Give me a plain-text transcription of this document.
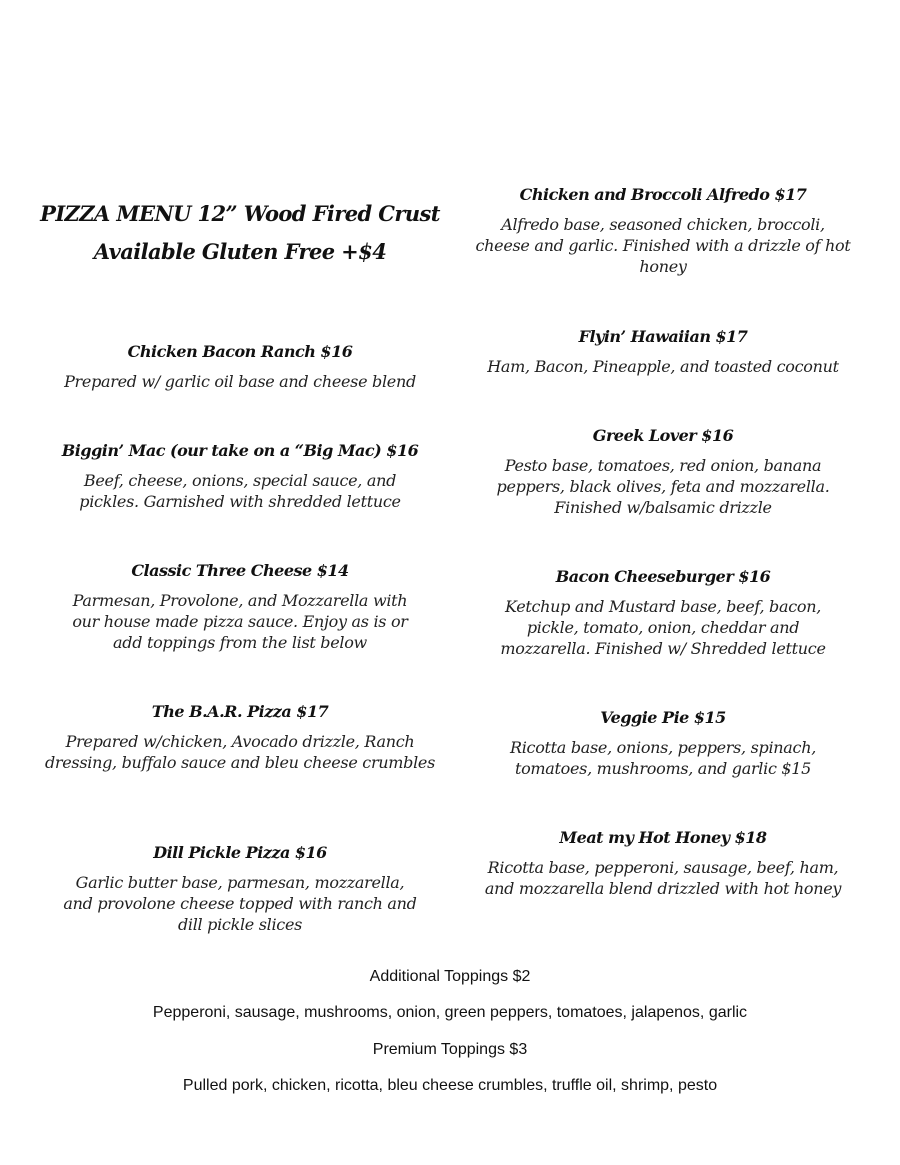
PIZZA MENU 12” Wood Fired Crust
Available Gluten Free +$4
Chicken Bacon Ranch $16

Prepared w/ garlic oil base and cheese blend

Biggin’ Mac (our take on a “Big Mac) $16

Beef, cheese, onions, special sauce, and pickles. Garnished with shredded lettuce

Classic Three Cheese $14

Parmesan, Provolone, and Mozzarella with our house made pizza sauce. Enjoy as is or add toppings from the list below

The B.A.R. Pizza $17

Prepared w/chicken, Avocado drizzle, Ranch dressing, buffalo sauce and bleu cheese crumbles

Dill Pickle Pizza $16

Garlic butter base, parmesan, mozzarella, and provolone cheese topped with ranch and dill pickle slices

Chicken and Broccoli Alfredo $17

Alfredo base, seasoned chicken, broccoli, cheese and garlic. Finished with a drizzle of hot honey

Flyin’ Hawaiian $17

Ham, Bacon, Pineapple, and toasted coconut

Greek Lover $16

Pesto base, tomatoes, red onion, banana peppers, black olives, feta and mozzarella. Finished w/balsamic drizzle

Bacon Cheeseburger $16

Ketchup and Mustard base, beef, bacon, pickle, tomato, onion, cheddar and mozzarella. Finished w/ Shredded lettuce

Veggie Pie $15

Ricotta base, onions, peppers, spinach, tomatoes, mushrooms, and garlic $15

Meat my Hot Honey $18

Ricotta base, pepperoni, sausage, beef, ham, and mozzarella blend drizzled with hot honey

Additional Toppings $2
Pepperoni, sausage, mushrooms, onion, green peppers, tomatoes, jalapenos, garlic
Premium Toppings $3
Pulled pork, chicken, ricotta, bleu cheese crumbles, truffle oil, shrimp, pesto
